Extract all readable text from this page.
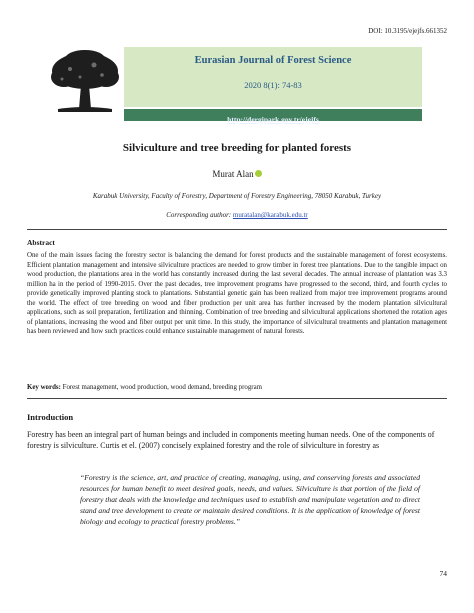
DOI: 10.3195/ejejfs.661352
Eurasian Journal of Forest Science
2020 8(1): 74-83
http://dergipark.gov.tr/ejejfs
Silviculture and tree breeding for planted forests
Murat Alan
Karabuk University, Faculty of Forestry, Department of Forestry Engineering, 78050 Karabuk, Turkey
Corresponding author: muratalan@karabuk.edu.tr
Abstract
One of the main issues facing the forestry sector is balancing the demand for forest products and the sustainable management of forest ecosystems. Efficient plantation management and intensive silviculture practices are needed to grow timber in forest tree plantations. Due to the tangible impact on wood production, the plantations area in the world has constantly increased during the last several decades. The annual increase of plantation was 3.3 million ha in the period of 1990-2015. Over the past decades, tree improvement programs have progressed to the second, third, and fourth cycles to provide genetically improved planting stock to plantations. Substantial genetic gain has been realized from major tree improvement programs around the world. The effect of tree breeding on wood and fiber production per unit area has further increased by the modern plantation silvicultural applications, such as soil preparation, fertilization and thinning. Combination of tree breeding and silvicultural applications shortened the rotation ages of plantations, increasing the wood and fiber output per unit time. In this study, the importance of silvicultural treatments and plantation management has been reviewed and how such practices could enhance sustainable management of natural forests.
Key words: Forest management, wood production, wood demand, breeding program
Introduction
Forestry has been an integral part of human beings and included in components meeting human needs. One of the components of forestry is silviculture. Curtis et el. (2007) concisely explained forestry and the role of silviculture in forestry as
“Forestry is the science, art, and practice of creating, managing, using, and conserving forests and associated resources for human benefit to meet desired goals, needs, and values. Silviculture is that portion of the field of forestry that deals with the knowledge and techniques used to establish and manipulate vegetation and to direct stand and tree development to create or maintain desired conditions. It is the application of knowledge of forest biology and ecology to practical forestry problems.”
74
